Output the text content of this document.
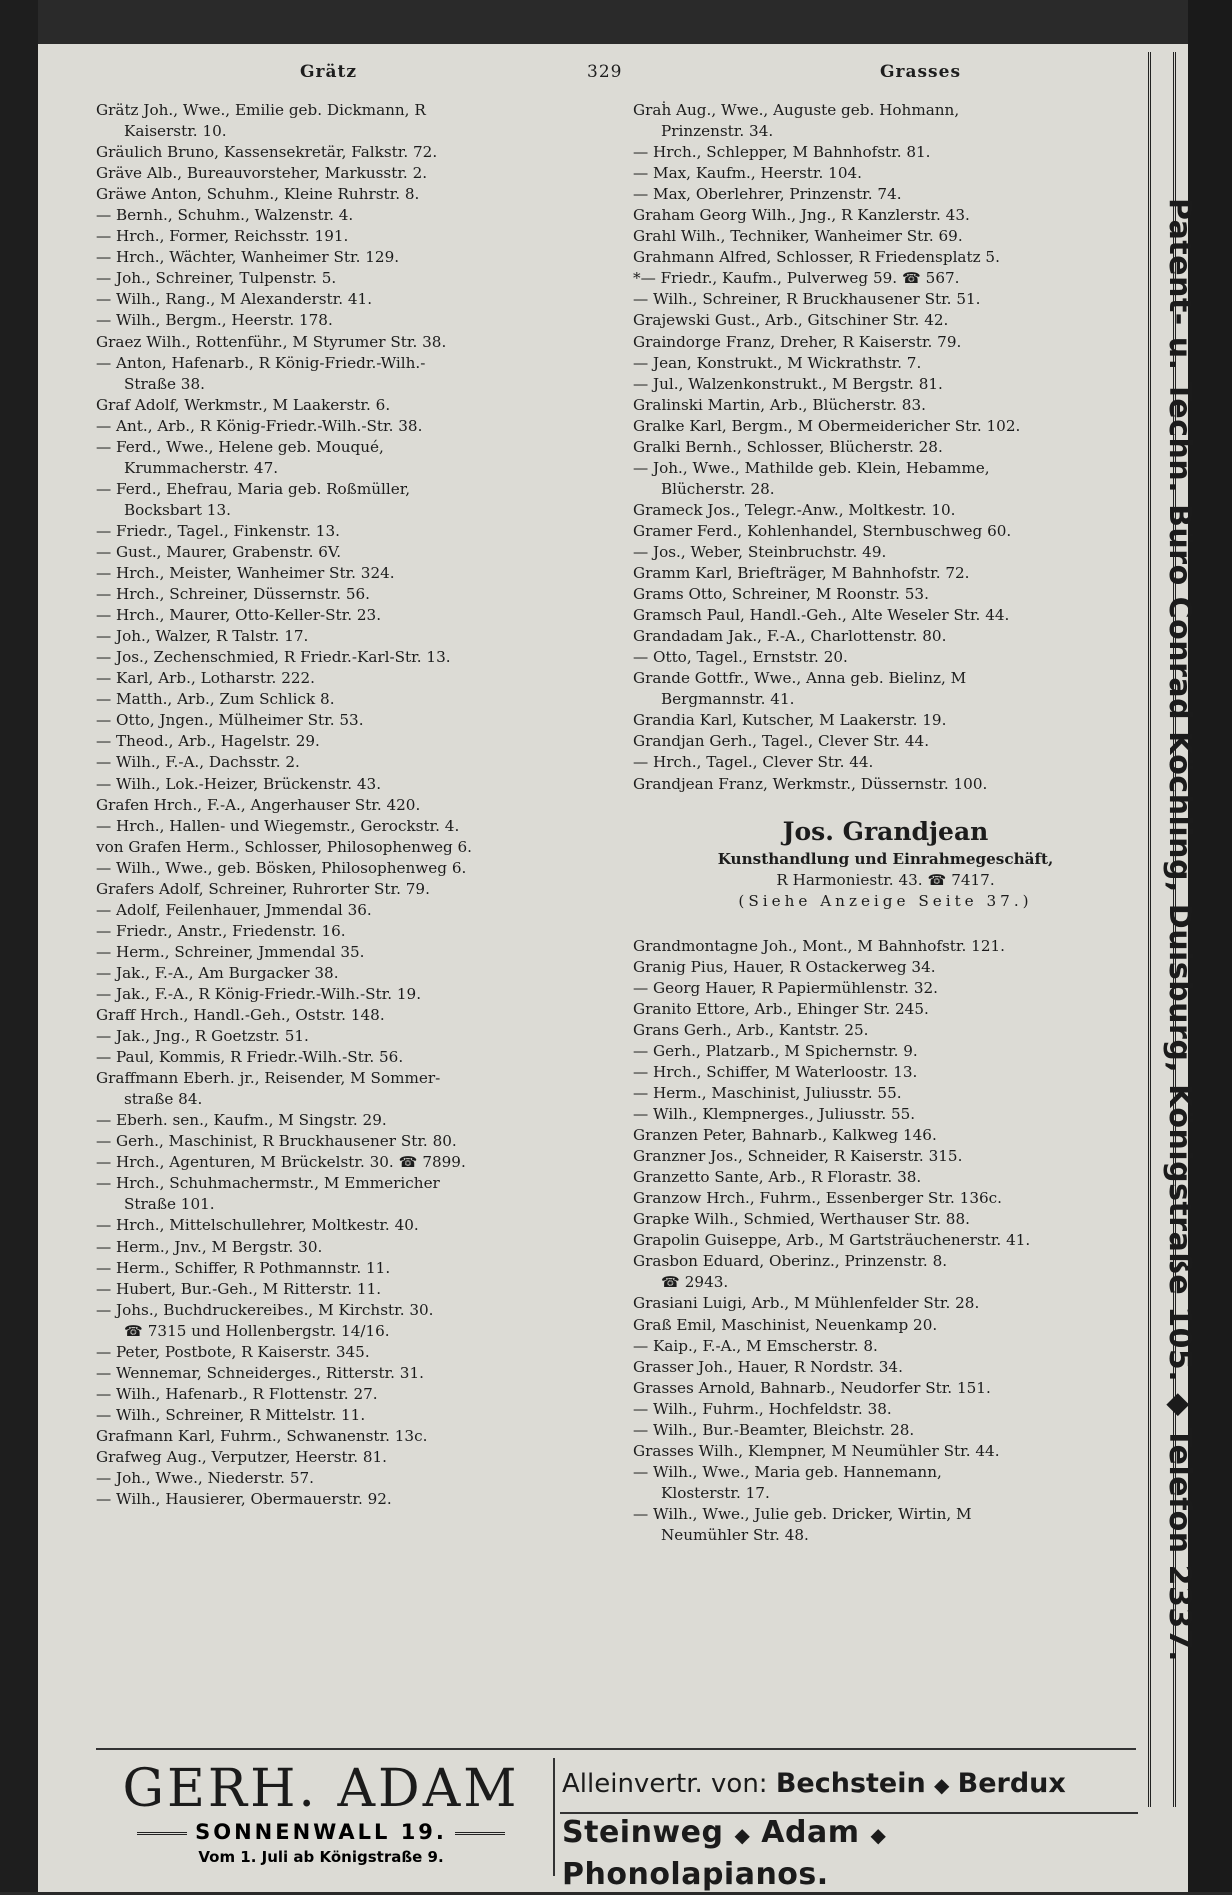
Grätz	329	Grasses
Grätz Joh., Wwe., Emilie geb. Dickmann, R
Kaiserstr. 10.
Gräulich Bruno, Kassensekretär, Falkstr. 72.
Gräve Alb., Bureauvorsteher, Markusstr. 2.
Gräwe Anton, Schuhm., Kleine Ruhrstr. 8.
— Bernh., Schuhm., Walzenstr. 4.
— Hrch., Former, Reichsstr. 191.
— Hrch., Wächter, Wanheimer Str. 129.
— Joh., Schreiner, Tulpenstr. 5.
— Wilh., Rang., M Alexanderstr. 41.
— Wilh., Bergm., Heerstr. 178.
Graez Wilh., Rottenführ., M Styrumer Str. 38.
— Anton, Hafenarb., R König-Friedr.-Wilh.-
Straße 38.
Graf Adolf, Werkmstr., M Laakerstr. 6.
— Ant., Arb., R König-Friedr.-Wilh.-Str. 38.
— Ferd., Wwe., Helene geb. Mouqué,
Krummacherstr. 47.
— Ferd., Ehefrau, Maria geb. Roßmüller,
Bocksbart 13.
— Friedr., Tagel., Finkenstr. 13.
— Gust., Maurer, Grabenstr. 6V.
— Hrch., Meister, Wanheimer Str. 324.
— Hrch., Schreiner, Düssernstr. 56.
— Hrch., Maurer, Otto-Keller-Str. 23.
— Joh., Walzer, R Talstr. 17.
— Jos., Zechenschmied, R Friedr.-Karl-Str. 13.
— Karl, Arb., Lotharstr. 222.
— Matth., Arb., Zum Schlick 8.
— Otto, Jngen., Mülheimer Str. 53.
— Theod., Arb., Hagelstr. 29.
— Wilh., F.-A., Dachsstr. 2.
— Wilh., Lok.-Heizer, Brückenstr. 43.
Grafen Hrch., F.-A., Angerhauser Str. 420.
— Hrch., Hallen- und Wiegemstr., Gerockstr. 4.
von Grafen Herm., Schlosser, Philosophenweg 6.
— Wilh., Wwe., geb. Bösken, Philosophenweg 6.
Grafers Adolf, Schreiner, Ruhrorter Str. 79.
— Adolf, Feilenhauer, Jmmendal 36.
— Friedr., Anstr., Friedenstr. 16.
— Herm., Schreiner, Jmmendal 35.
— Jak., F.-A., Am Burgacker 38.
— Jak., F.-A., R König-Friedr.-Wilh.-Str. 19.
Graff Hrch., Handl.-Geh., Oststr. 148.
— Jak., Jng., R Goetzstr. 51.
— Paul, Kommis, R Friedr.-Wilh.-Str. 56.
Graffmann Eberh. jr., Reisender, M Sommer-
straße 84.
— Eberh. sen., Kaufm., M Singstr. 29.
— Gerh., Maschinist, R Bruckhausener Str. 80.
— Hrch., Agenturen, M Brückelstr. 30. ☎ 7899.
— Hrch., Schuhmachermstr., M Emmericher
Straße 101.
— Hrch., Mittelschullehrer, Moltkestr. 40.
— Herm., Jnv., M Bergstr. 30.
— Herm., Schiffer, R Pothmannstr. 11.
— Hubert, Bur.-Geh., M Ritterstr. 11.
— Johs., Buchdruckereibes., M Kirchstr. 30.
☎ 7315 und Hollenbergstr. 14/16.
— Peter, Postbote, R Kaiserstr. 345.
— Wennemar, Schneiderges., Ritterstr. 31.
— Wilh., Hafenarb., R Flottenstr. 27.
— Wilh., Schreiner, R Mittelstr. 11.
Grafmann Karl, Fuhrm., Schwanenstr. 13c.
Grafweg Aug., Verputzer, Heerstr. 81.
— Joh., Wwe., Niederstr. 57.
— Wilh., Hausierer, Obermauerstr. 92.
Graḣ Aug., Wwe., Auguste geb. Hohmann,
Prinzenstr. 34.
— Hrch., Schlepper, M Bahnhofstr. 81.
— Max, Kaufm., Heerstr. 104.
— Max, Oberlehrer, Prinzenstr. 74.
Graham Georg Wilh., Jng., R Kanzlerstr. 43.
Grahl Wilh., Techniker, Wanheimer Str. 69.
Grahmann Alfred, Schlosser, R Friedensplatz 5.
*— Friedr., Kaufm., Pulverweg 59. ☎ 567.
— Wilh., Schreiner, R Bruckhausener Str. 51.
Grajewski Gust., Arb., Gitschiner Str. 42.
Graindorge Franz, Dreher, R Kaiserstr. 79.
— Jean, Konstrukt., M Wickrathstr. 7.
— Jul., Walzenkonstrukt., M Bergstr. 81.
Gralinski Martin, Arb., Blücherstr. 83.
Gralke Karl, Bergm., M Obermeidericher Str. 102.
Gralki Bernh., Schlosser, Blücherstr. 28.
— Joh., Wwe., Mathilde geb. Klein, Hebamme,
Blücherstr. 28.
Grameck Jos., Telegr.-Anw., Moltkestr. 10.
Gramer Ferd., Kohlenhandel, Sternbuschweg 60.
— Jos., Weber, Steinbruchstr. 49.
Gramm Karl, Briefträger, M Bahnhofstr. 72.
Grams Otto, Schreiner, M Roonstr. 53.
Gramsch Paul, Handl.-Geh., Alte Weseler Str. 44.
Grandadam Jak., F.-A., Charlottenstr. 80.
— Otto, Tagel., Ernststr. 20.
Grande Gottfr., Wwe., Anna geb. Bielinz, M
Bergmannstr. 41.
Grandia Karl, Kutscher, M Laakerstr. 19.
Grandjan Gerh., Tagel., Clever Str. 44.
— Hrch., Tagel., Clever Str. 44.
Grandjean Franz, Werkmstr., Düssernstr. 100.
Jos. Grandjean
Kunsthandlung und Einrahmegeschäft,
R Harmoniestr. 43. ☎ 7417.
(Siehe Anzeige Seite 37.)
Grandmontagne Joh., Mont., M Bahnhofstr. 121.
Granig Pius, Hauer, R Ostackerweg 34.
— Georg Hauer, R Papiermühlenstr. 32.
Granito Ettore, Arb., Ehinger Str. 245.
Grans Gerh., Arb., Kantstr. 25.
— Gerh., Platzarb., M Spichernstr. 9.
— Hrch., Schiffer, M Waterloostr. 13.
— Herm., Maschinist, Juliusstr. 55.
— Wilh., Klempnerges., Juliusstr. 55.
Granzen Peter, Bahnarb., Kalkweg 146.
Granzner Jos., Schneider, R Kaiserstr. 315.
Granzetto Sante, Arb., R Florastr. 38.
Granzow Hrch., Fuhrm., Essenberger Str. 136c.
Grapke Wilh., Schmied, Werthauser Str. 88.
Grapolin Guiseppe, Arb., M Gartsträuchenerstr. 41.
Grasbon Eduard, Oberinz., Prinzenstr. 8.
☎ 2943.
Grasiani Luigi, Arb., M Mühlenfelder Str. 28.
Graß Emil, Maschinist, Neuenkamp 20.
— Kaip., F.-A., M Emscherstr. 8.
Grasser Joh., Hauer, R Nordstr. 34.
Grasses Arnold, Bahnarb., Neudorfer Str. 151.
— Wilh., Fuhrm., Hochfeldstr. 38.
— Wilh., Bur.-Beamter, Bleichstr. 28.
Grasses Wilh., Klempner, M Neumühler Str. 44.
— Wilh., Wwe., Maria geb. Hannemann,
Klosterstr. 17.
— Wilh., Wwe., Julie geb. Dricker, Wirtin, M
Neumühler Str. 48.	Patent- u. Techn. Büro Conrad Köchling, Duisburg, Königstraße 105. ◆ Telefon 2337.
GERH. ADAM
SONNENWALL 19.
Vom 1. Juli ab Königstraße 9.
Alleinvertr. von: Bechstein ◆ Berdux
Steinweg ◆ Adam ◆ Phonolapianos.
